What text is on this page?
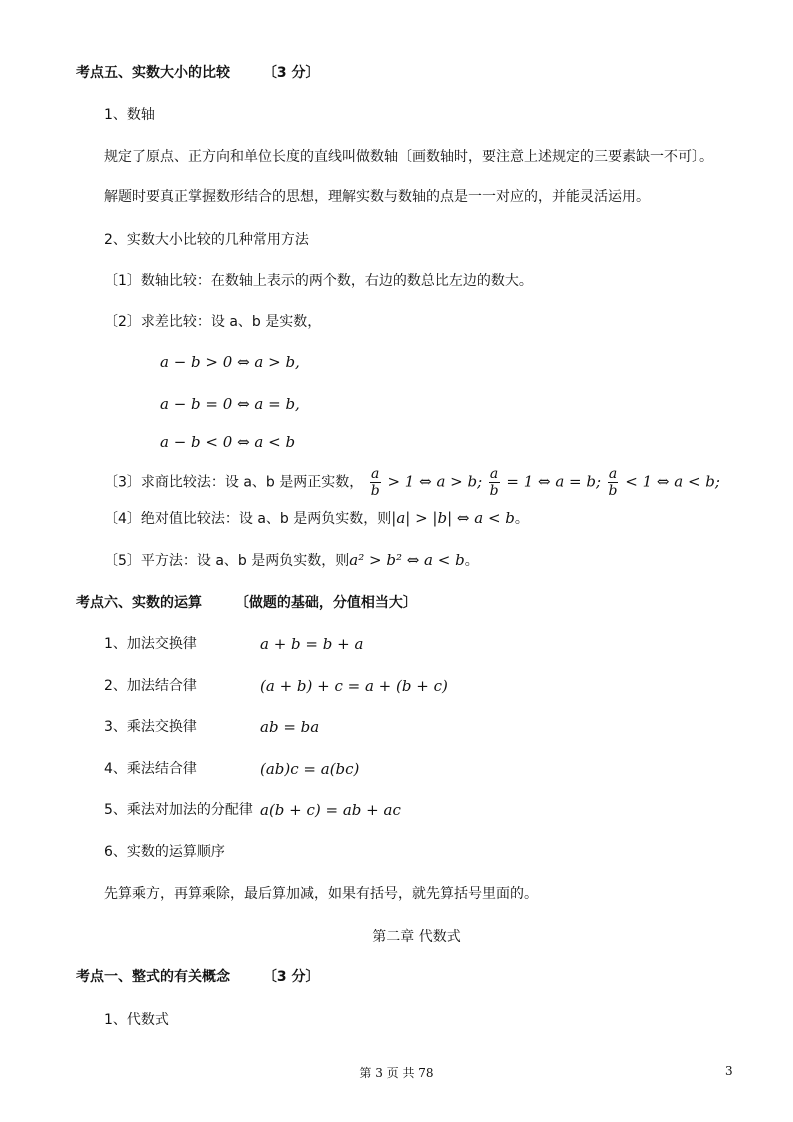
考点五、实数大小的比较 〔3 分〕
1、数轴
规定了原点、正方向和单位长度的直线叫做数轴〔画数轴时，要注意上述规定的三要素缺一不可〕。
解题时要真正掌握数形结合的思想，理解实数与数轴的点是一一对应的，并能灵活运用。
2、实数大小比较的几种常用方法
〔1〕数轴比较：在数轴上表示的两个数，右边的数总比左边的数大。
〔2〕求差比较：设 a、b 是实数，
a − b > 0 ⇔ a > b,
a − b = 0 ⇔ a = b,
a − b < 0 ⇔ a < b
〔3〕求商比较法：设 a、b 是两正实数， $\frac{a}{b} > 1$ ⇔ a > b; $\frac{a}{b} = 1$ ⇔ a = b; $\frac{a}{b} < 1$ ⇔ a < b;
〔4〕绝对值比较法：设 a、b 是两负实数，则|a| > |b| ⇔ a < b。
〔5〕平方法：设 a、b 是两负实数，则a² > b² ⇔ a < b。
考点六、实数的运算 〔做题的基础，分值相当大〕
1、加法交换律	a + b = b + a
2、加法结合律	(a + b) + c = a + (b + c)
3、乘法交换律	ab = ba
4、乘法结合律	(ab)c = a(bc)
5、乘法对加法的分配律 a(b + c) = ab + ac
6、实数的运算顺序
先算乘方，再算乘除，最后算加减，如果有括号，就先算括号里面的。
第二章 代数式
考点一、整式的有关概念 〔3 分〕
1、代数式
第 3 页 共 78	3
